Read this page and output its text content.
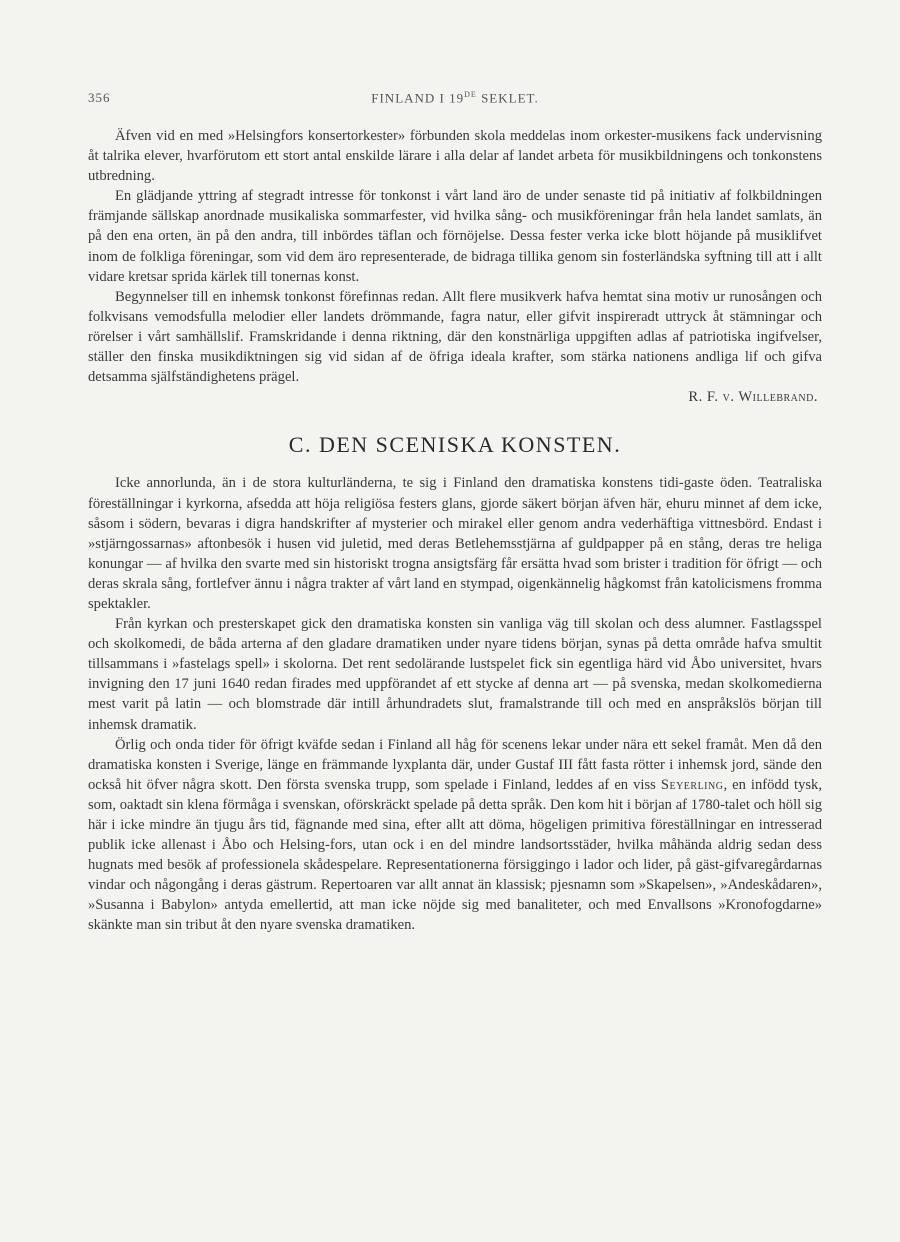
356	FINLAND I 19DE SEKLET.

Äfven vid en med »Helsingfors konsertorkester» förbunden skola meddelas inom orkester-musikens fack undervisning åt talrika elever, hvarförutom ett stort antal enskilde lärare i alla delar af landet arbeta för musikbildningens och tonkonstens utbredning.

En glädjande yttring af stegradt intresse för tonkonst i vårt land äro de under senaste tid på initiativ af folkbildningen främjande sällskap anordnade musikaliska sommarfester, vid hvilka sång- och musikföreningar från hela landet samlats, än på den ena orten, än på den andra, till inbördes täflan och förnöjelse. Dessa fester verka icke blott höjande på musiklifvet inom de folkliga föreningar, som vid dem äro representerade, de bidraga tillika genom sin fosterländska syftning till att i allt vidare kretsar sprida kärlek till tonernas konst.

Begynnelser till en inhemsk tonkonst förefinnas redan. Allt flere musikverk hafva hemtat sina motiv ur runosången och folkvisans vemodsfulla melodier eller landets drömmande, fagra natur, eller gifvit inspireradt uttryck åt stämningar och rörelser i vårt samhällslif. Framskridande i denna riktning, där den konstnärliga uppgiften adlas af patriotiska ingifvelser, ställer den finska musikdiktningen sig vid sidan af de öfriga ideala krafter, som stärka nationens andliga lif och gifva detsamma själfständighetens prägel.

R. F. v. Willebrand.

C. DEN SCENISKA KONSTEN.

Icke annorlunda, än i de stora kulturländerna, te sig i Finland den dramatiska konstens tidi-gaste öden. Teatraliska föreställningar i kyrkorna, afsedda att höja religiösa festers glans, gjorde säkert början äfven här, ehuru minnet af dem icke, såsom i södern, bevaras i digra handskrifter af mysterier och mirakel eller genom andra vederhäftiga vittnesbörd. Endast i »stjärngossarnas» aftonbesök i husen vid juletid, med deras Betlehemsstjärna af guldpapper på en stång, deras tre heliga konungar — af hvilka den svarte med sin historiskt trogna ansigtsfärg får ersätta hvad som brister i tradition för öfrigt — och deras skrala sång, fortlefver ännu i några trakter af vårt land en stympad, oigenkännelig hågkomst från katolicismens fromma spektakler.

Från kyrkan och presterskapet gick den dramatiska konsten sin vanliga väg till skolan och dess alumner. Fastlagsspel och skolkomedi, de båda arterna af den gladare dramatiken under nyare tidens början, synas på detta område hafva smultit tillsammans i »fastelags spell» i skolorna. Det rent sedolärande lustspelet fick sin egentliga härd vid Åbo universitet, hvars invigning den 17 juni 1640 redan firades med uppförandet af ett stycke af denna art — på svenska, medan skolkomedierna mest varit på latin — och blomstrade där intill århundradets slut, framalstrande till och med en anspråkslös början till inhemsk dramatik.

Örlig och onda tider för öfrigt kväfde sedan i Finland all håg för scenens lekar under nära ett sekel framåt. Men då den dramatiska konsten i Sverige, länge en främmande lyxplanta där, under Gustaf III fått fasta rötter i inhemsk jord, sände den också hit öfver några skott. Den första svenska trupp, som spelade i Finland, leddes af en viss Seyerling, en infödd tysk, som, oaktadt sin klena förmåga i svenskan, oförskräckt spelade på detta språk. Den kom hit i början af 1780-talet och höll sig här i icke mindre än tjugu års tid, fägnande med sina, efter allt att döma, högeligen primitiva föreställningar en intresserad publik icke allenast i Åbo och Helsing-fors, utan ock i en del mindre landsortsstäder, hvilka måhända aldrig sedan dess hugnats med besök af professionela skådespelare. Representationerna försiggingo i lador och lider, på gäst-gifvaregårdarnas vindar och någongång i deras gästrum. Repertoaren var allt annat än klassisk; pjesnamn som »Skapelsen», »Andeskådaren», »Susanna i Babylon» antyda emellertid, att man icke nöjde sig med banaliteter, och med Envallsons »Kronofogdarne» skänkte man sin tribut åt den nyare svenska dramatiken.
